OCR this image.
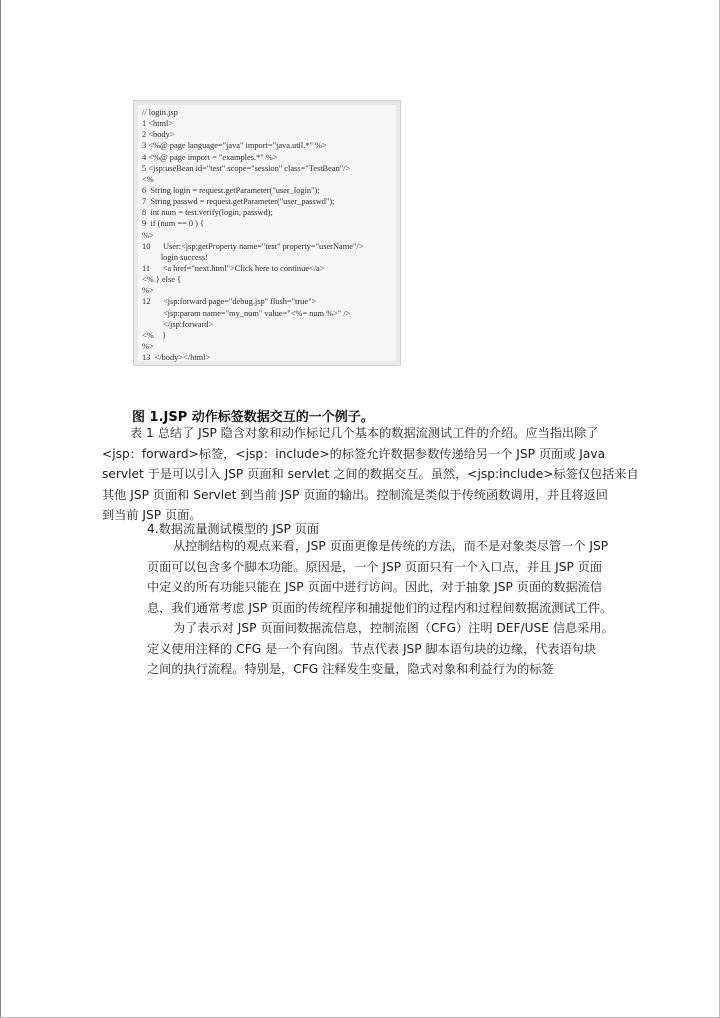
// login.jsp
1 <html>
2 <body>
3 <%@ page language="java" import="java.util.*" %>
4 <%@ page import = "examples.*" %>
5 <jsp:useBean id="test" scope="session" class="TestBean"/>
<%
6  String login = request.getParameter("user_login");
7  String passwd = request.getParameter("user_passwd");
8  int num = test.verify(login, passwd);
9  if (num == 0 ) {
%>
10      User:<jsp:getProperty name="test" property="userName"/>
login success!
11      <a href="next.html">Click here to continue</a>
<% } else {
%>
12      <jsp:forward page="debug.jsp" flush="true">
<jsp:param name="my_num" value="<%= num %>" />
</jsp:forward>
<%    }
%>
13  </body></html>
图 1.JSP 动作标签数据交互的一个例子。
表 1 总结了 JSP 隐含对象和动作标记几个基本的数据流测试工件的介绍。应当指出除了
<jsp：forward>标签，<jsp：include>的标签允许数据参数传递给另一个 JSP 页面或 Java
servlet 于是可以引入 JSP 页面和 servlet 之间的数据交互。虽然，<jsp:include>标签仅包括来自
其他 JSP 页面和 Servlet 到当前 JSP 页面的输出。控制流是类似于传统函数调用，并且将返回
到当前 JSP 页面。
4.数据流量测试模型的 JSP 页面
从控制结构的观点来看，JSP 页面更像是传统的方法，而不是对象类尽管一个 JSP
页面可以包含多个脚本功能。原因是，一个 JSP 页面只有一个入口点，并且 JSP 页面
中定义的所有功能只能在 JSP 页面中进行访问。因此，对于抽象 JSP 页面的数据流信
息，我们通常考虑 JSP 页面的传统程序和捕捉他们的过程内和过程间数据流测试工件。
为了表示对 JSP 页面间数据流信息，控制流图（CFG）注明 DEF/USE 信息采用。
定义使用注释的 CFG 是一个有向图。节点代表 JSP 脚本语句块的边缘，代表语句块
之间的执行流程。特别是，CFG 注释发生变量，隐式对象和利益行为的标签
